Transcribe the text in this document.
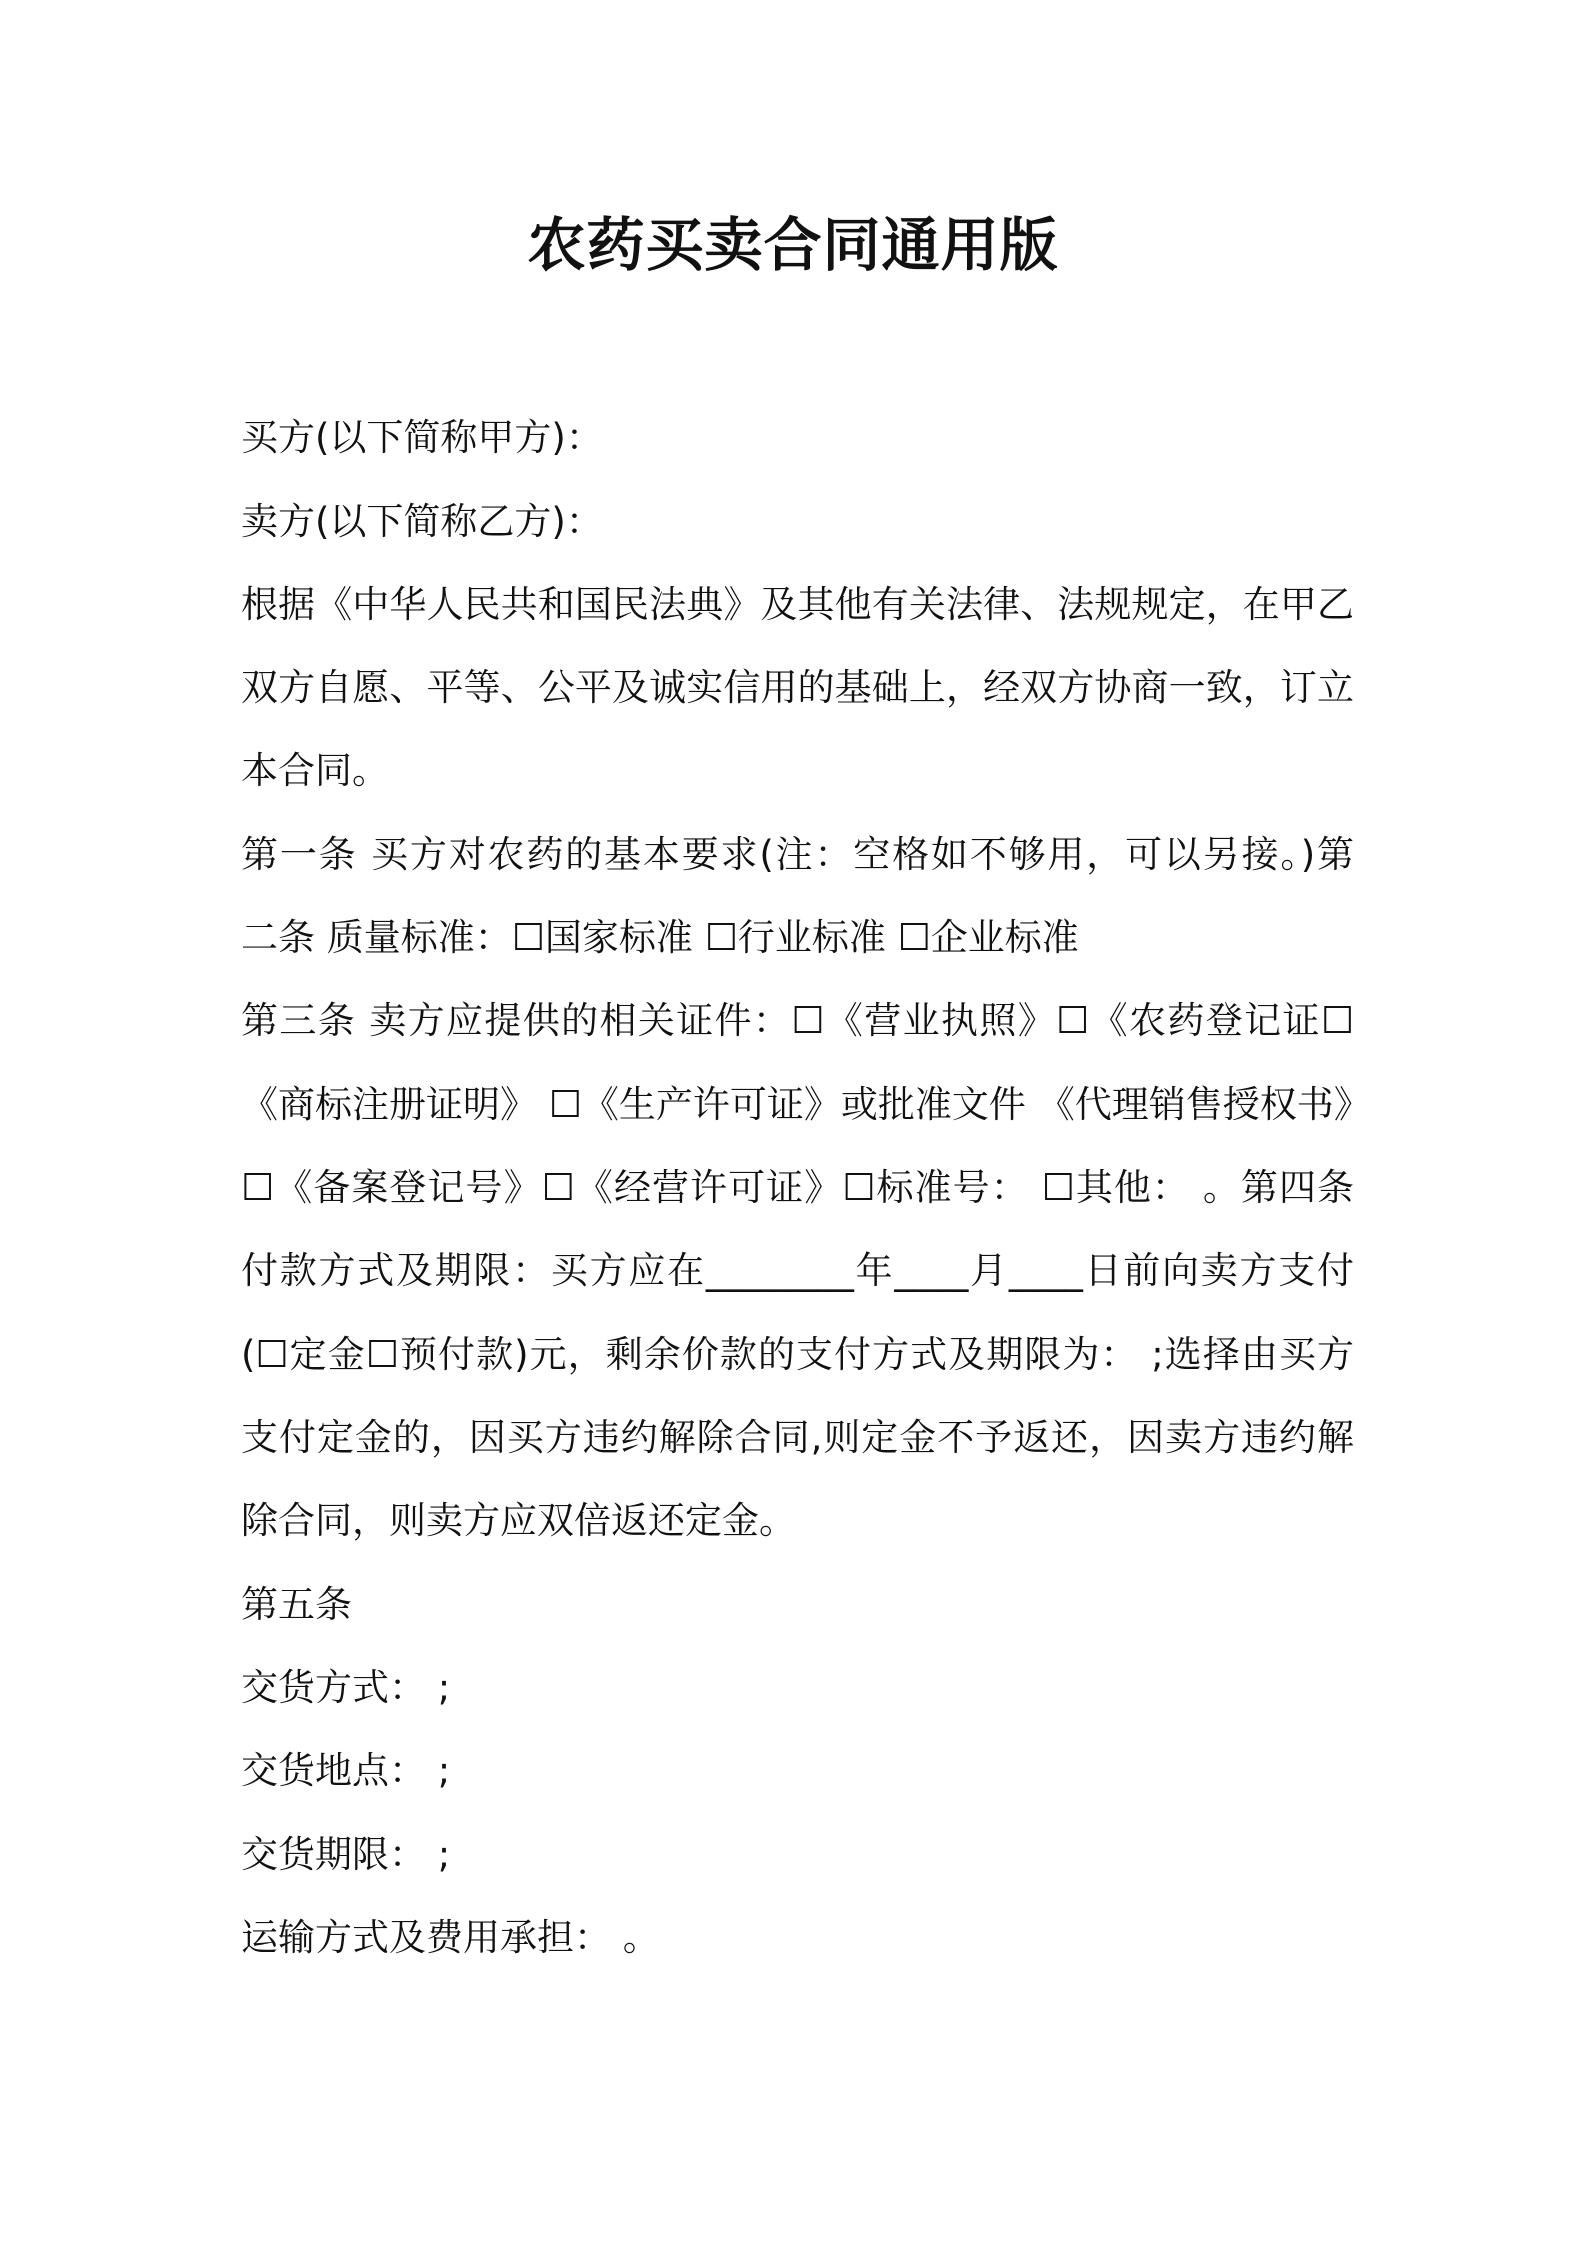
农药买卖合同通用版
买方(以下简称甲方)：
卖方(以下简称乙方)：
根据《中华人民共和国民法典》及其他有关法律、法规规定，在甲乙
双方自愿、平等、公平及诚实信用的基础上，经双方协商一致，订立
本合同。
第一条 买方对农药的基本要求(注：空格如不够用，可以另接。)第
二条 质量标准：☐国家标准 ☐行业标准 ☐企业标准
第三条 卖方应提供的相关证件：☐《营业执照》☐《农药登记证☐
《商标注册证明》 ☐《生产许可证》或批准文件 《代理销售授权书》
☐《备案登记号》☐《经营许可证》☐标准号： ☐其他： 。第四条
付款方式及期限：买方应在________年____月____日前向卖方支付
(☐定金☐预付款)元，剩余价款的支付方式及期限为： ;选择由买方
支付定金的，因买方违约解除合同,则定金不予返还，因卖方违约解
除合同，则卖方应双倍返还定金。
第五条
交货方式： ;
交货地点： ;
交货期限： ;
运输方式及费用承担： 。
